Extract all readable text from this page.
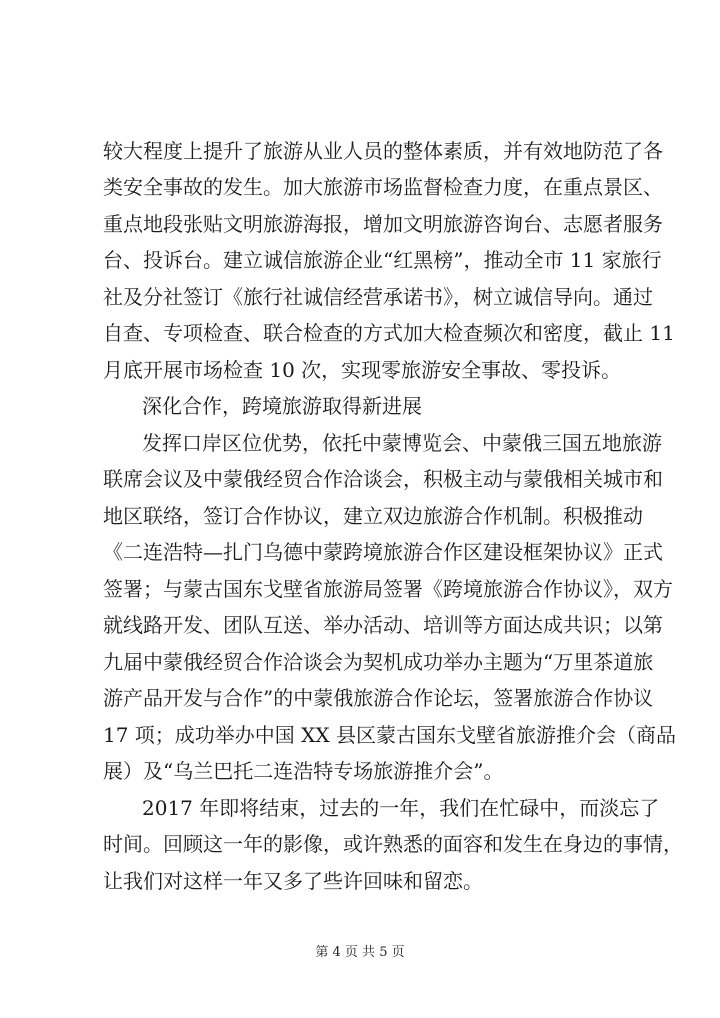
较大程度上提升了旅游从业人员的整体素质，并有效地防范了各
类安全事故的发生。加大旅游市场监督检查力度，在重点景区、
重点地段张贴文明旅游海报，增加文明旅游咨询台、志愿者服务
台、投诉台。建立诚信旅游企业“红黑榜”，推动全市 11 家旅行
社及分社签订《旅行社诚信经营承诺书》，树立诚信导向。通过
自查、专项检查、联合检查的方式加大检查频次和密度，截止 11
月底开展市场检查 10 次，实现零旅游安全事故、零投诉。
深化合作，跨境旅游取得新进展
发挥口岸区位优势，依托中蒙博览会、中蒙俄三国五地旅游
联席会议及中蒙俄经贸合作洽谈会，积极主动与蒙俄相关城市和
地区联络，签订合作协议，建立双边旅游合作机制。积极推动
《二连浩特—扎门乌德中蒙跨境旅游合作区建设框架协议》正式
签署；与蒙古国东戈壁省旅游局签署《跨境旅游合作协议》，双方
就线路开发、团队互送、举办活动、培训等方面达成共识；以第
九届中蒙俄经贸合作洽谈会为契机成功举办主题为“万里茶道旅
游产品开发与合作”的中蒙俄旅游合作论坛，签署旅游合作协议
17 项；成功举办中国 XX 县区蒙古国东戈壁省旅游推介会（商品
展）及“乌兰巴托二连浩特专场旅游推介会”。
2017 年即将结束，过去的一年，我们在忙碌中，而淡忘了
时间。回顾这一年的影像，或许熟悉的面容和发生在身边的事情，
让我们对这样一年又多了些许回味和留恋。
第 4 页 共 5 页
